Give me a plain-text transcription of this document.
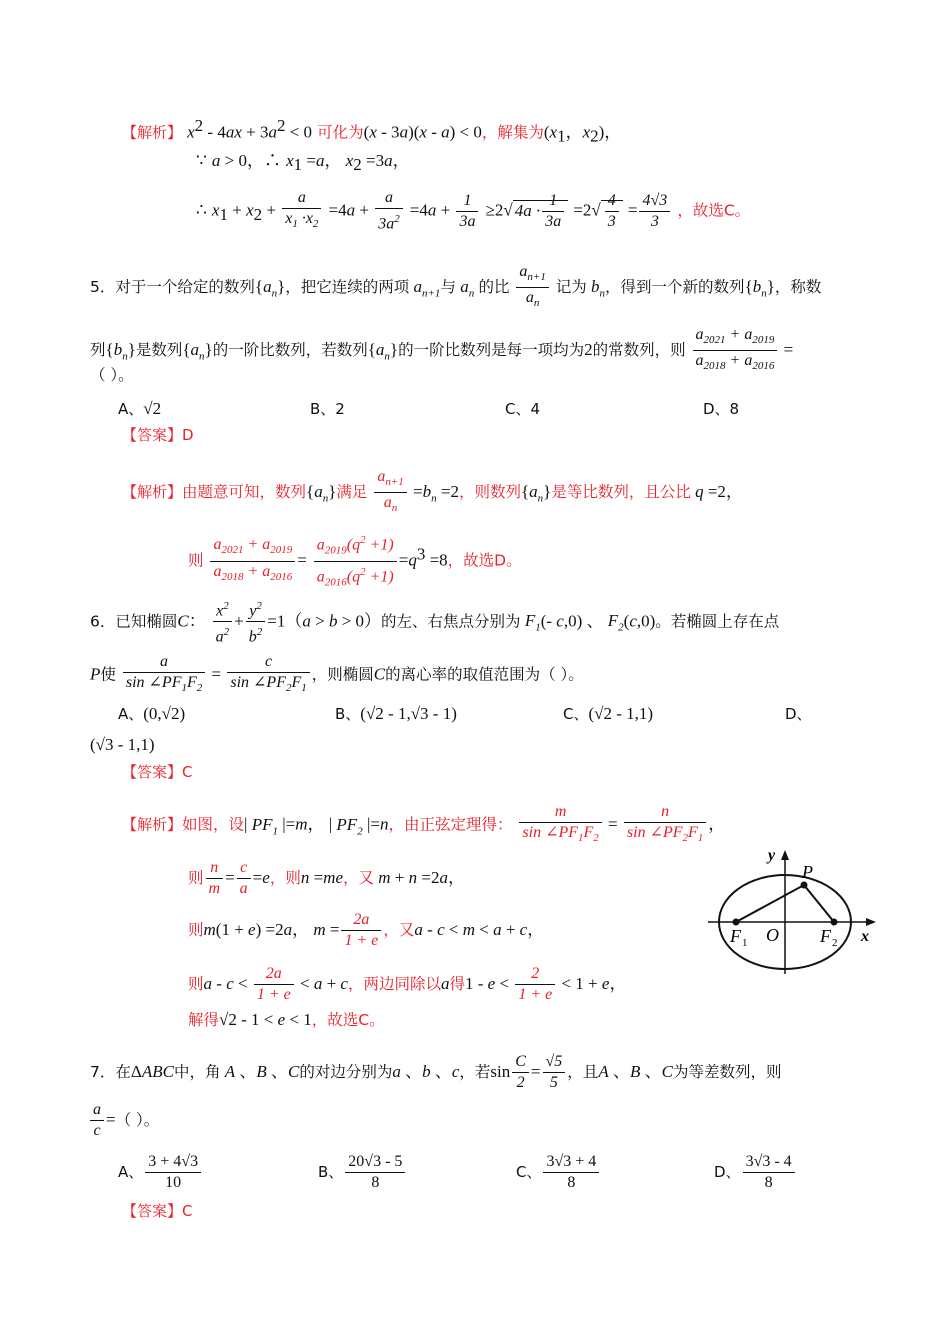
【解析】 $x^2 - 4ax + 3a^2 < 0$ 可化为(x - 3a)(x - a) < 0，解集为($x_1$，$x_2$)，
∵ a > 0，∴ $x_1 =a$， $x_2 =3a$，
∴ $x_1 + x_2 + \frac{a}{x_1 \cdot x_2} =4a + \frac{a}{3a^2} =4a + \frac{1}{3a} \ge 2√$ $4a \cdot \frac{1}{3a} =2√ \frac{4}{3} = \frac{4√3}{3}$ ，故选C。
5．对于一个给定的数列$\{a_n\}$，把它连续的两项 $a_{n+1}$与 $a_n$ 的比 $\frac{a_{n+1}}{a_n}$ 记为 $b_n$，得到一个新的数列$\{b_n\}$，称数
列$\{b_n\}$是数列$\{a_n\}$的一阶比数列，若数列$\{a_n\}$的一阶比数列是每一项均为2的常数列，则 $\frac{a_{2021} + a_{2019}}{a_{2018} + a_{2016}}$ =
（ ）。
A、√2	B、2	C、4	D、8
【答案】D
【解析】由题意可知，数列$\{a_n\}$满足 $\frac{a_{n+1}}{a_n} =b_n =2$，则数列$\{a_n\}$是等比数列，且公比 q =2，
则 $\frac{a_{2021} + a_{2019}}{a_{2018} + a_{2016}} = \frac{a_{2019}(q^2 +1)}{a_{2016}(q^2 +1)} =q^3 =8$，故选D。
6．已知椭圆C： $\frac{x^2}{a^2} + \frac{y^2}{b^2} =1(a > b > 0)$的左、右焦点分别为 $F_1(-$ c,0) 、 $F_2(c,0)$。若椭圆上存在点
P使 $\frac{a}{\sin \angle PF_1F_2} = \frac{c}{\sin \angle PF_2F_1}$ ，则椭圆C的离心率的取值范围为（ ）。
A、(0,√2)	B、(√2 - 1,√3 - 1)	C、(√2 - 1,1)	D、
(√3 - 1,1)
【答案】C
【解析】如图，设| $PF_1$ |=m， | $PF_2$ |=n，由正弦定理得： $\frac{m}{\sin \angle PF_1F_2} = \frac{n}{\sin \angle PF_2F_1}$ ，
则 $\frac{n}{m} = \frac{c}{a} =e$，则n =me，又 m + n =2a，
则m(1 + e) =2a， $m = \frac{2a}{1 + e}$ ，又a - c < m < a + c，
则$a - c < \frac{2a}{1 + e} < a + c$，两边同除以a得$1 - e < \frac{2}{1 + e} < 1 + e$，
解得√2 - 1 < e < 1，故选C。
y
x
P
O
F 1	F 2
7．在ΔABC中，角 A 、B 、C的对边分别为a 、b 、c，若$\sin \frac{C}{2} = \frac{√5}{5}$ ，且A 、B 、C为等差数列，则
$\frac{a}{c}$ =（ ）。
A、 $\frac{3 + 4√3}{10}$	B、 $\frac{20√3 - 5}{8}$	C、 $\frac{3√3 + 4}{8}$	D、 $\frac{3√3 - 4}{8}$
【答案】C
